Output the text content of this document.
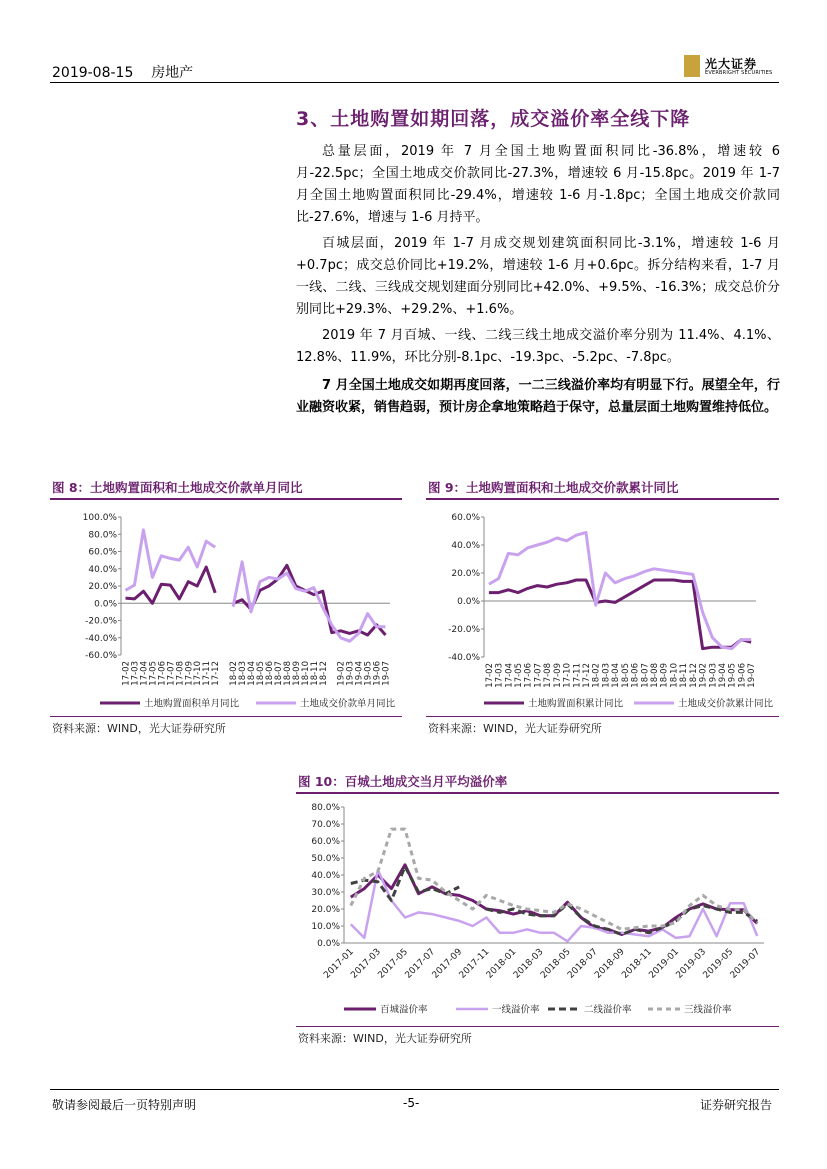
2019-08-15 房地产
光大证券
EVERBRIGHT SECURITIES
3、土地购置如期回落，成交溢价率全线下降
总量层面，2019 年 7 月全国土地购置面积同比-36.8%，增速较 6 月-22.5pc；全国土地成交价款同比-27.3%，增速较 6 月-15.8pc。2019 年 1-7 月全国土地购置面积同比-29.4%，增速较 1-6 月-1.8pc；全国土地成交价款同比-27.6%，增速与 1-6 月持平。
百城层面，2019 年 1-7 月成交规划建筑面积同比-3.1%，增速较 1-6 月+0.7pc；成交总价同比+19.2%，增速较 1-6 月+0.6pc。拆分结构来看，1-7 月一线、二线、三线成交规划建面分别同比+42.0%、+9.5%、-16.3%；成交总价分别同比+29.3%、+29.2%、+1.6%。
2019 年 7 月百城、一线、二线三线土地成交溢价率分别为 11.4%、4.1%、12.8%、11.9%，环比分别-8.1pc、-19.3pc、-5.2pc、-7.8pc。
7 月全国土地成交如期再度回落，一二三线溢价率均有明显下行。展望全年，行业融资收紧，销售趋弱，预计房企拿地策略趋于保守，总量层面土地购置维持低位。
图 8：土地购置面积和土地成交价款单月同比
100.0%
80.0%
60.0%
40.0%
20.0%
0.0%
-20.0%
-40.0%
-60.0%
17-02
17-03
17-04
17-05
17-06
17-07
17-08
17-09
17-10
17-11
17-12 18-02
18-03
18-04
18-05
18-06
18-07
18-08
18-09
18-10
18-11
18-12 19-02
19-03
19-04
19-05
19-06
19-07
土地购置面积单月同比	土地成交价款单月同比
资料来源：WIND，光大证券研究所
图 9：土地购置面积和土地成交价款累计同比
60.0%
40.0%
20.0%
0.0%
-20.0%
-40.0%
17-02 17-03 17-04 17-05 17-06 17-07 17-08 17-09 17-10 17-11 17-12 18-02 18-03 18-04 18-05 18-06 18-07 18-08 18-09 18-10 18-11 18-12 19-02 19-03 19-04 19-05 19-06 19-07
土地购置面积累计同比	土地成交价款累计同比
资料来源：WIND，光大证券研究所
图 10：百城土地成交当月平均溢价率
80.0%
70.0%
60.0%
50.0%
40.0%
30.0%
20.0%
10.0%
0.0%
2017-01
2017-03
2017-05
2017-07
2017-09
2017-11
2018-01
2018-03
2018-05
2018-07
2018-09
2018-11
2019-01
2019-03
2019-05
2019-07
百城溢价率	一线溢价率	二线溢价率	三线溢价率
资料来源：WIND，光大证券研究所
敬请参阅最后一页特别声明	-5-	证券研究报告
